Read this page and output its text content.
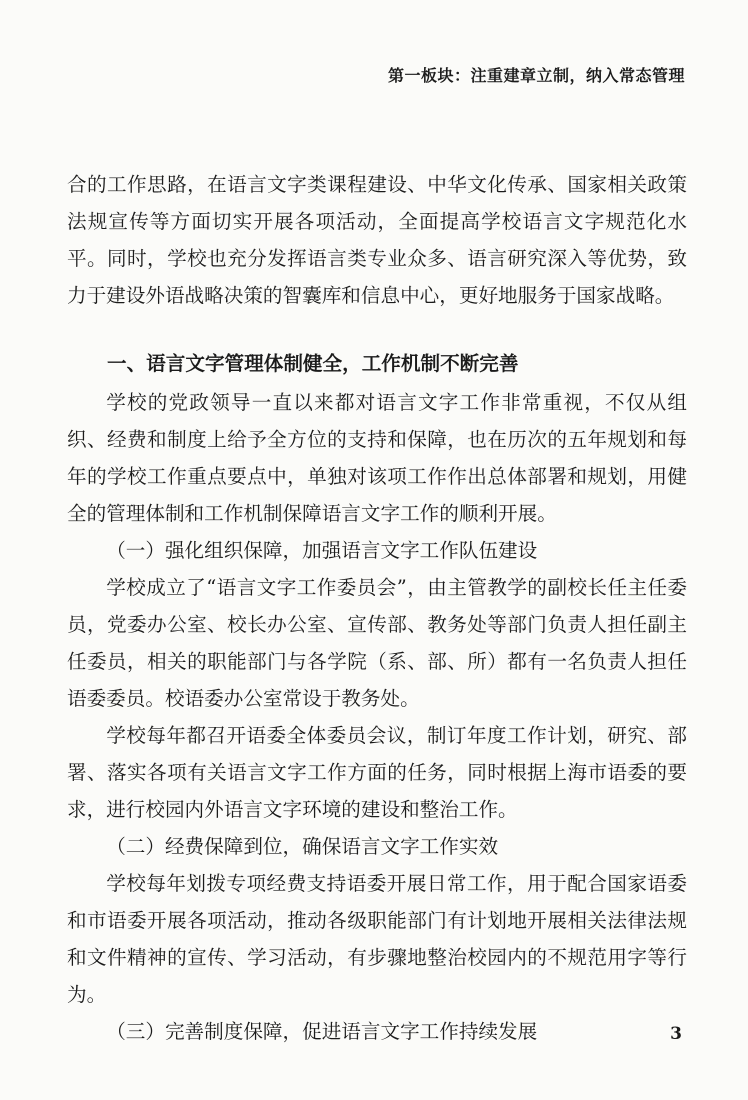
第一板块：注重建章立制，纳入常态管理

合的工作思路，在语言文字类课程建设、中华文化传承、国家相关政策法规宣传等方面切实开展各项活动，全面提高学校语言文字规范化水平。同时，学校也充分发挥语言类专业众多、语言研究深入等优势，致力于建设外语战略决策的智囊库和信息中心，更好地服务于国家战略。

一、语言文字管理体制健全，工作机制不断完善

学校的党政领导一直以来都对语言文字工作非常重视，不仅从组织、经费和制度上给予全方位的支持和保障，也在历次的五年规划和每年的学校工作重点要点中，单独对该项工作作出总体部署和规划，用健全的管理体制和工作机制保障语言文字工作的顺利开展。

（一）强化组织保障，加强语言文字工作队伍建设

学校成立了“语言文字工作委员会”，由主管教学的副校长任主任委员，党委办公室、校长办公室、宣传部、教务处等部门负责人担任副主任委员，相关的职能部门与各学院（系、部、所）都有一名负责人担任语委委员。校语委办公室常设于教务处。

学校每年都召开语委全体委员会议，制订年度工作计划，研究、部署、落实各项有关语言文字工作方面的任务，同时根据上海市语委的要求，进行校园内外语言文字环境的建设和整治工作。

（二）经费保障到位，确保语言文字工作实效

学校每年划拨专项经费支持语委开展日常工作，用于配合国家语委和市语委开展各项活动，推动各级职能部门有计划地开展相关法律法规和文件精神的宣传、学习活动，有步骤地整治校园内的不规范用字等行为。

（三）完善制度保障，促进语言文字工作持续发展	3
